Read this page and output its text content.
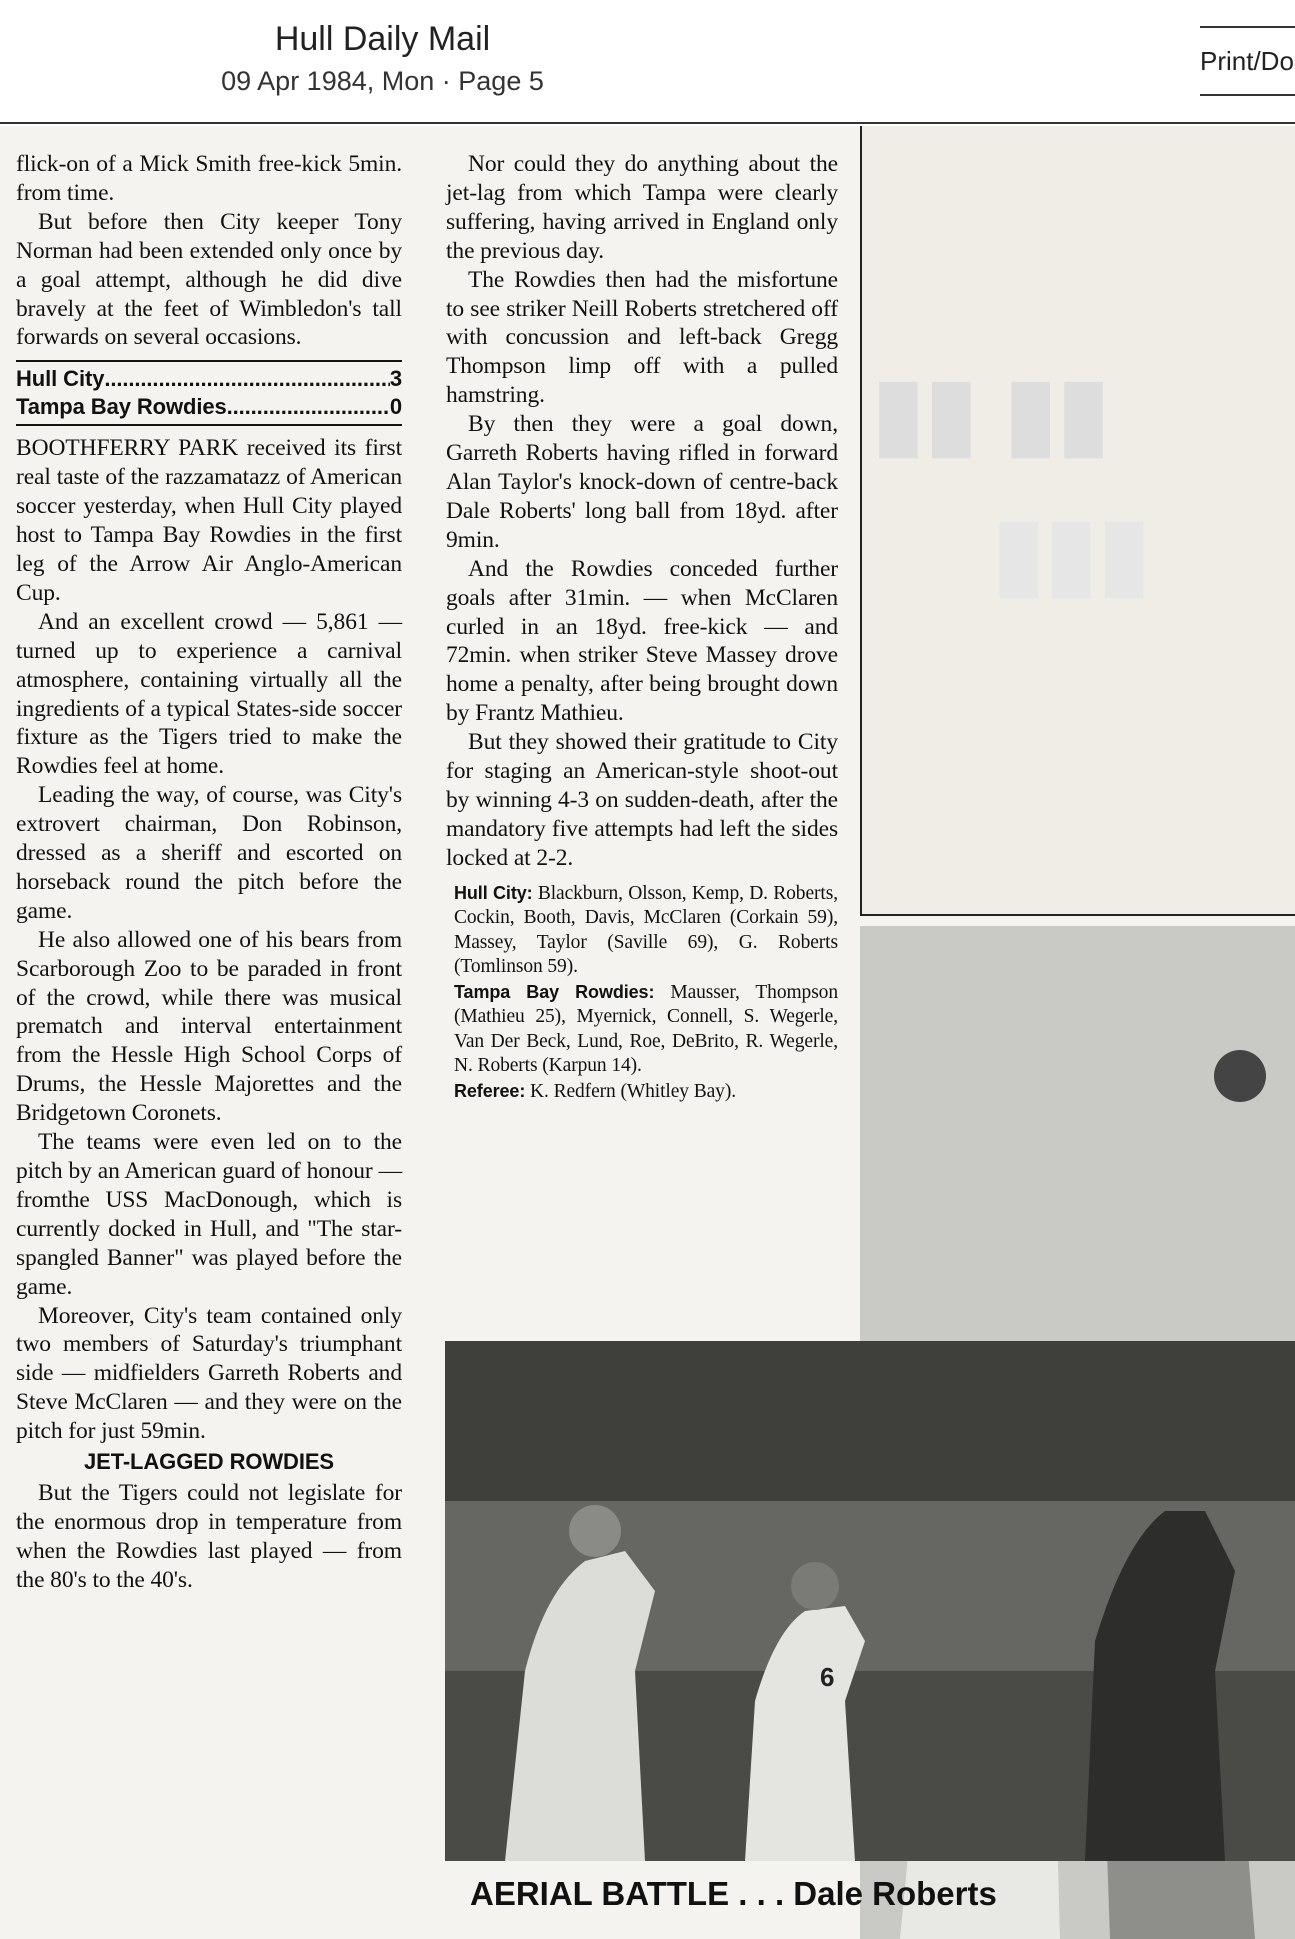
Hull Daily Mail
09 Apr 1984, Mon · Page 5
Print/Do

flick-on of a Mick Smith free-kick 5min. from time.

But before then City keeper Tony Norman had been extended only once by a goal attempt, although he did dive bravely at the feet of Wimbledon's tall forwards on several occasions.

Hull City .....	3
Tampa Bay Rowdies .....	0

BOOTHFERRY PARK received its first real taste of the razzamatazz of American soccer yesterday, when Hull City played host to Tampa Bay Rowdies in the first leg of the Arrow Air Anglo-American Cup.

And an excellent crowd — 5,861 — turned up to experience a carnival atmosphere, containing virtually all the ingredients of a typical States-side soccer fixture as the Tigers tried to make the Rowdies feel at home.

Leading the way, of course, was City's extrovert chairman, Don Robinson, dressed as a sheriff and escorted on horseback round the pitch before the game.

He also allowed one of his bears from Scarborough Zoo to be paraded in front of the crowd, while there was musical prematch and interval entertainment from the Hessle High School Corps of Drums, the Hessle Majorettes and the Bridgetown Coronets.

The teams were even led on to the pitch by an American guard of honour — fromthe USS MacDonough, which is currently docked in Hull, and "The star-spangled Banner" was played before the game.

Moreover, City's team contained only two members of Saturday's triumphant side — midfielders Garreth Roberts and Steve McClaren — and they were on the pitch for just 59min.

JET-LAGGED ROWDIES

But the Tigers could not legislate for the enormous drop in temperature from when the Rowdies last played — from the 80's to the 40's.

Nor could they do anything about the jet-lag from which Tampa were clearly suffering, having arrived in England only the previous day.

The Rowdies then had the misfortune to see striker Neill Roberts stretchered off with concussion and left-back Gregg Thompson limp off with a pulled hamstring.

By then they were a goal down, Garreth Roberts having rifled in forward Alan Taylor's knock-down of centre-back Dale Roberts' long ball from 18yd. after 9min.

And the Rowdies conceded further goals after 31min. — when McClaren curled in an 18yd. free-kick — and 72min. when striker Steve Massey drove home a penalty, after being brought down by Frantz Mathieu.

But they showed their gratitude to City for staging an American-style shoot-out by winning 4-3 on sudden-death, after the mandatory five attempts had left the sides locked at 2-2.

Hull City: Blackburn, Olsson, Kemp, D. Roberts, Cockin, Booth, Davis, McClaren (Corkain 59), Massey, Taylor (Saville 69), G. Roberts (Tomlinson 59).

Tampa Bay Rowdies: Mausser, Thompson (Mathieu 25), Myernick, Connell, S. Wegerle, Van Der Beck, Lund, Roe, DeBrito, R. Wegerle, N. Roberts (Karpun 14).

Referee: K. Redfern (Whitley Bay).

▮▮ ▮▮
▮▮▮
6
AERIAL BATTLE . . . Dale Roberts
